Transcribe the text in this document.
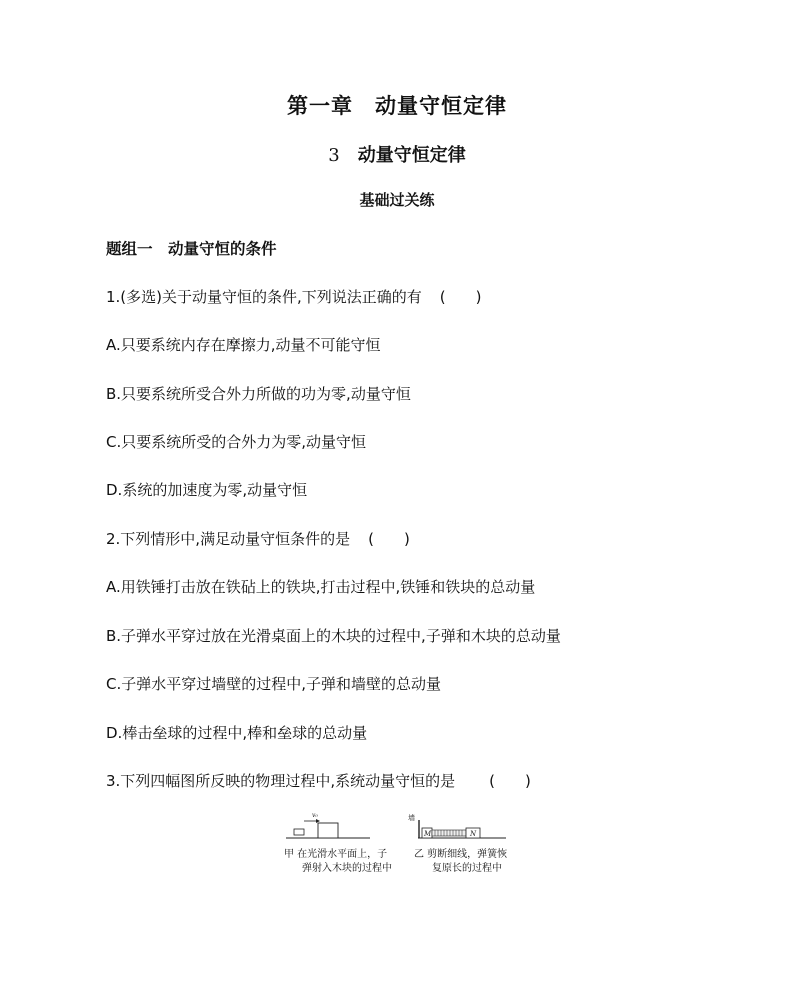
第一章　动量守恒定律
3 动量守恒定律
基础过关练
题组一　动量守恒的条件
1.(多选)关于动量守恒的条件,下列说法正确的有 (　　)
A.只要系统内存在摩擦力,动量不可能守恒
B.只要系统所受合外力所做的功为零,动量守恒
C.只要系统所受的合外力为零,动量守恒
D.系统的加速度为零,动量守恒
2.下列情形中,满足动量守恒条件的是 (　　)
A.用铁锤打击放在铁砧上的铁块,打击过程中,铁锤和铁块的总动量
B.子弹水平穿过放在光滑桌面上的木块的过程中,子弹和木块的总动量
C.子弹水平穿过墙壁的过程中,子弹和墙壁的总动量
D.棒击垒球的过程中,棒和垒球的总动量
3.下列四幅图所反映的物理过程中,系统动量守恒的是 (　　)
v₀	墙
M	N
甲 在光滑水平面上，子
弹射入木块的过程中
乙 剪断细线，弹簧恢
复原长的过程中
